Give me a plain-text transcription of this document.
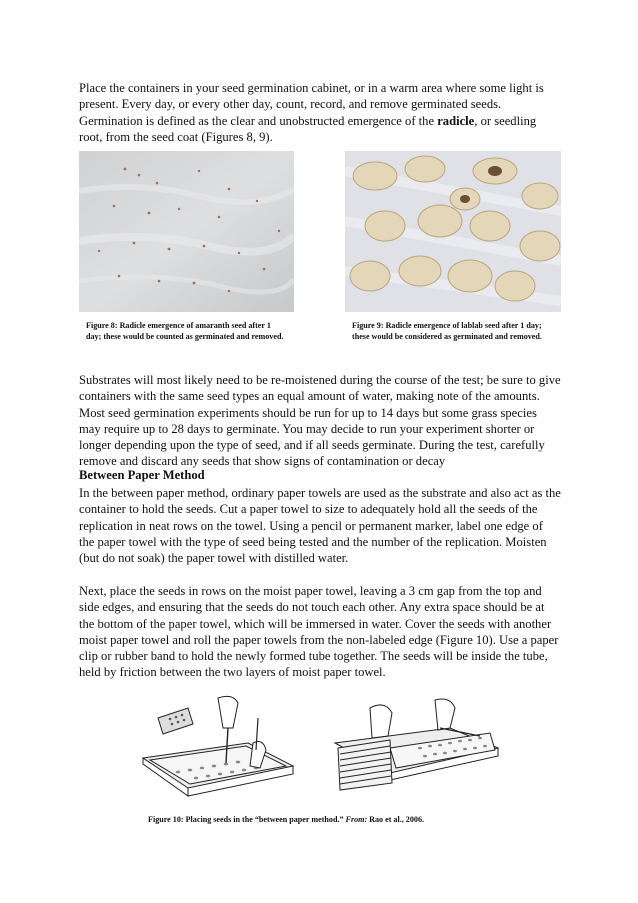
Place the containers in your seed germination cabinet, or in a warm area where some light is present. Every day, or every other day, count, record, and remove germinated seeds. Germination is defined as the clear and unobstructed emergence of the radicle, or seedling root, from the seed coat (Figures 8, 9).

Figure 8: Radicle emergence of amaranth seed after 1 day; these would be counted as germinated and removed.

Figure 9: Radicle emergence of lablab seed after 1 day; these would be considered as germinated and removed.

Substrates will most likely need to be re-moistened during the course of the test; be sure to give containers with the same seed types an equal amount of water, making note of the amounts. Most seed germination experiments should be run for up to 14 days but some grass species may require up to 28 days to germinate. You may decide to run your experiment shorter or longer depending upon the type of seed, and if all seeds germinate. During the test, carefully remove and discard any seeds that show signs of contamination or decay

Between Paper Method

In the between paper method, ordinary paper towels are used as the substrate and also act as the container to hold the seeds. Cut a paper towel to size to adequately hold all the seeds of the replication in neat rows on the towel. Using a pencil or permanent marker, label one edge of the paper towel with the type of seed being tested and the number of the replication. Moisten (but do not soak) the paper towel with distilled water.

Next, place the seeds in rows on the moist paper towel, leaving a 3 cm gap from the top and side edges, and ensuring that the seeds do not touch each other. Any extra space should be at the bottom of the paper towel, which will be immersed in water. Cover the seeds with another moist paper towel and roll the paper towels from the non-labeled edge (Figure 10). Use a paper clip or rubber band to hold the newly formed tube together. The seeds will be inside the tube, held by friction between the two layers of moist paper towel.

Figure 10: Placing seeds in the “between paper method.” From: Rao et al., 2006.
